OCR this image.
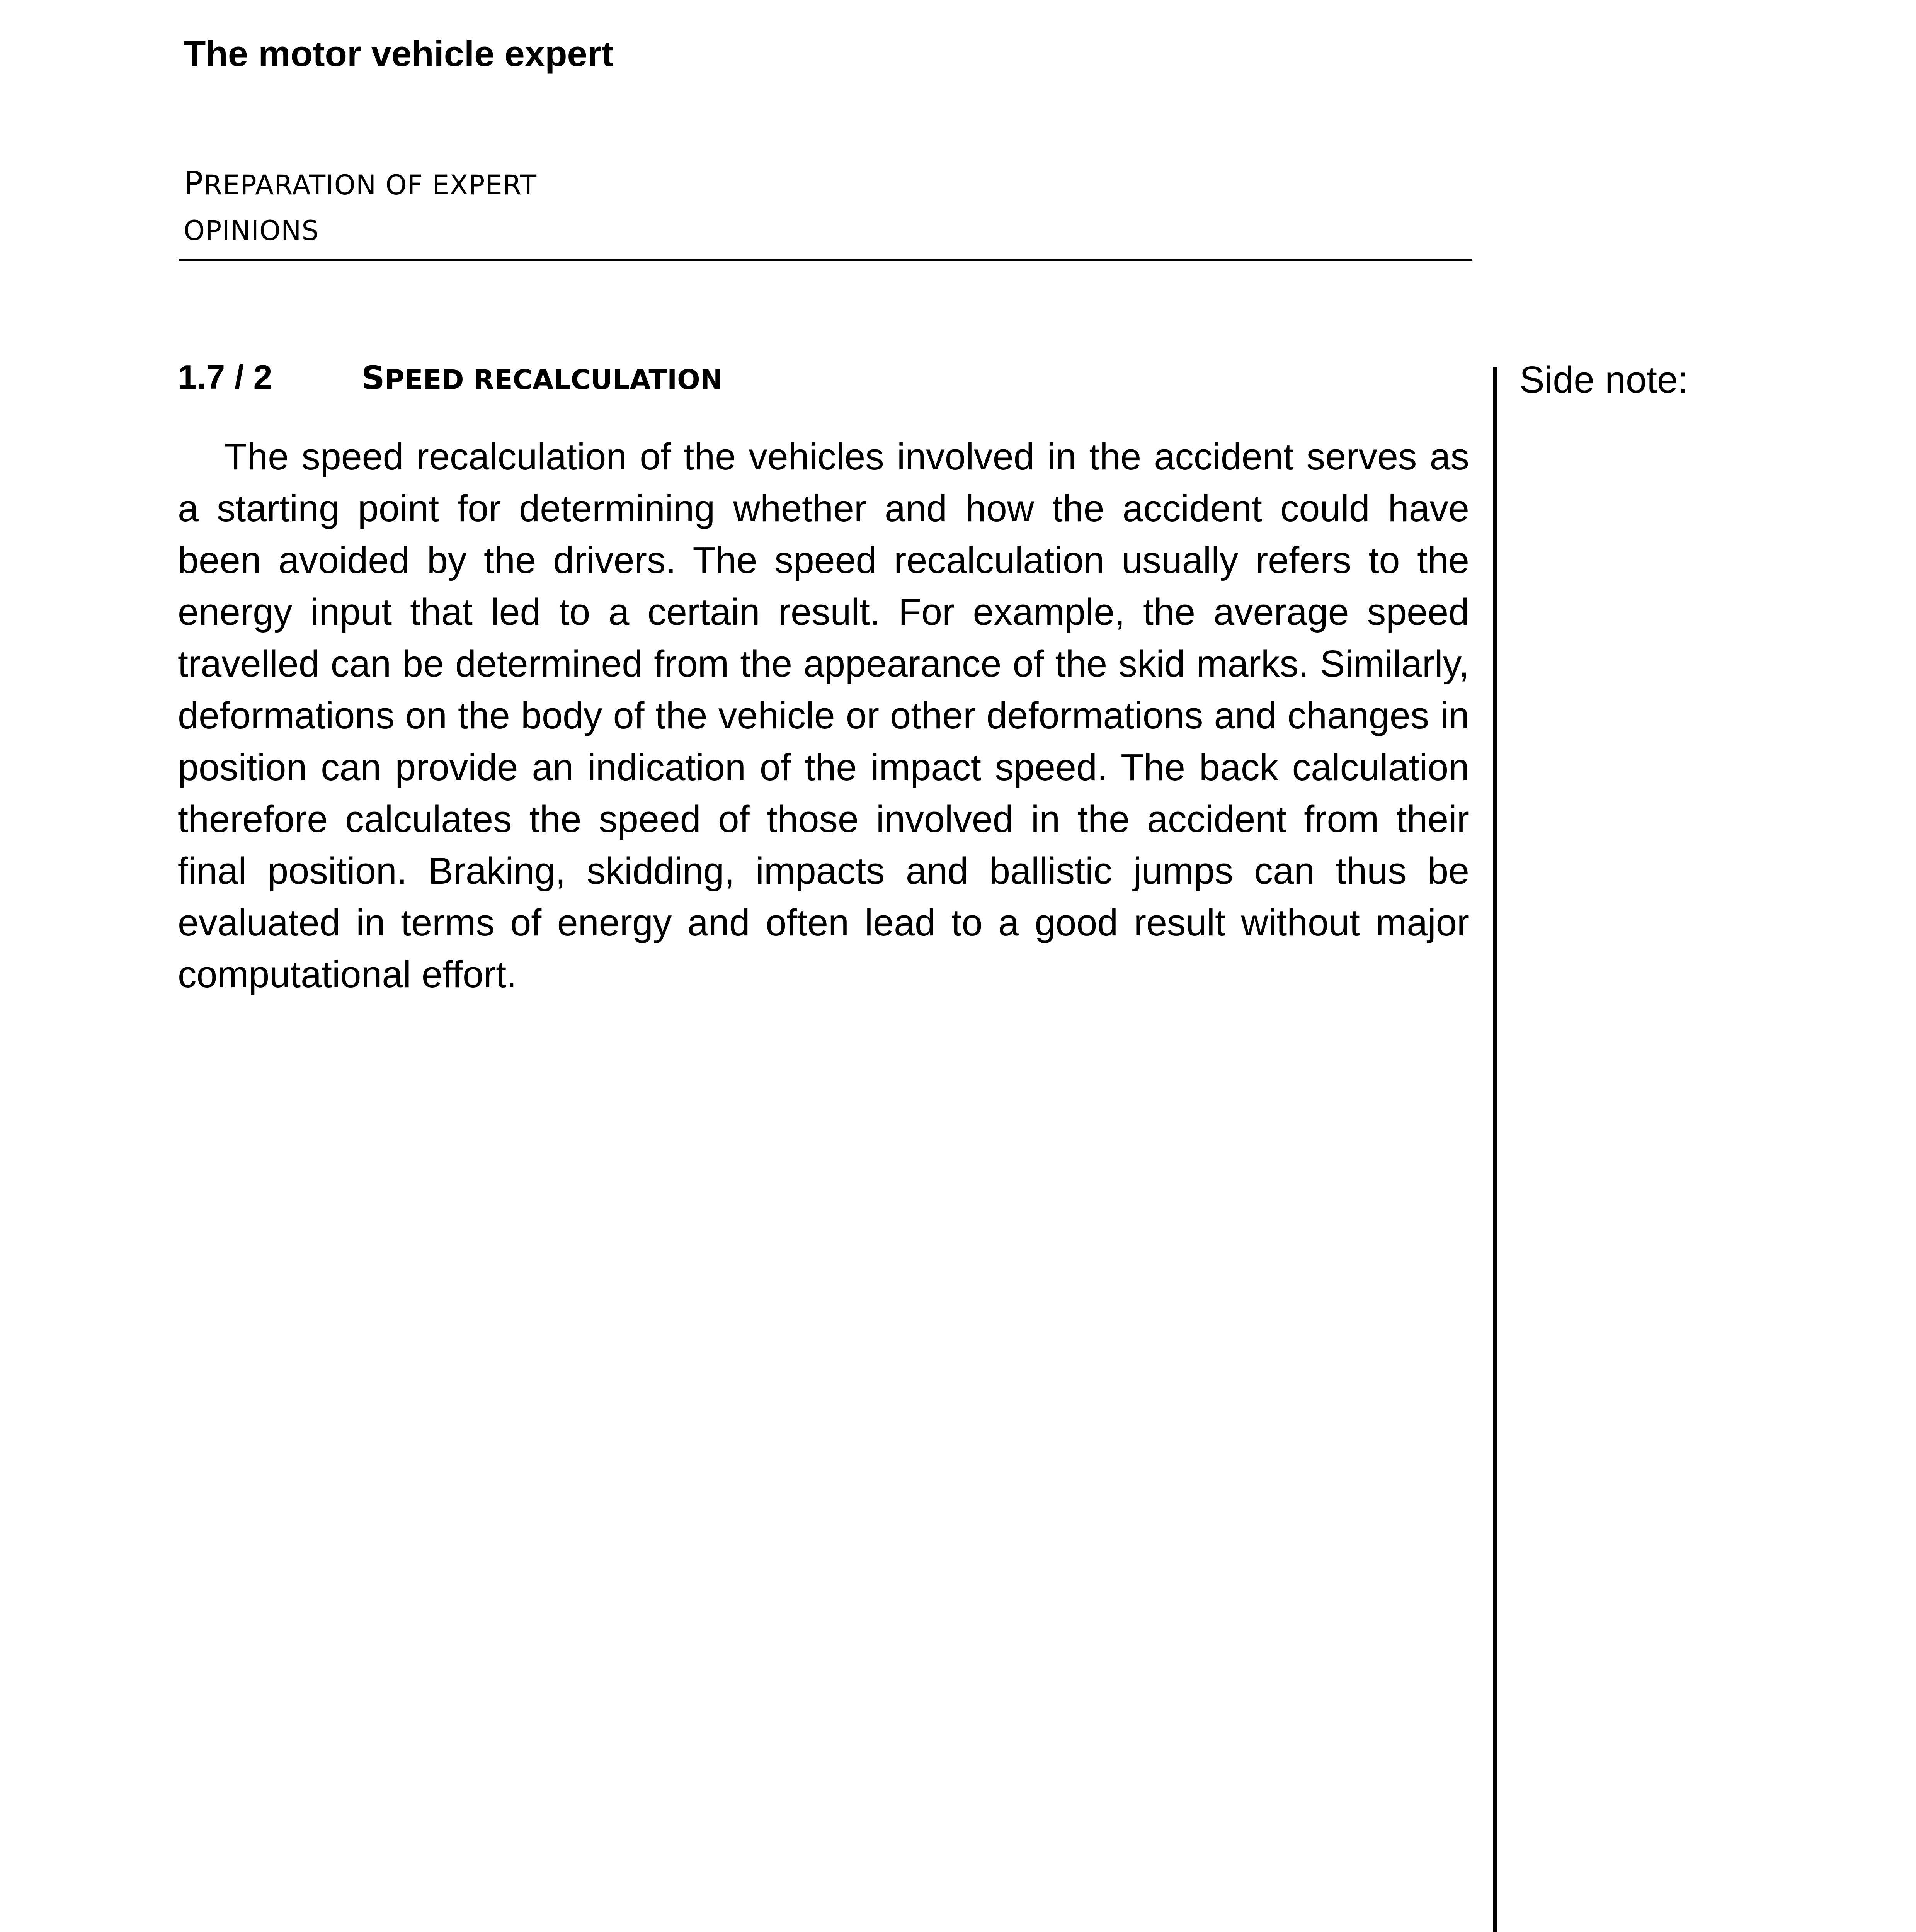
The motor vehicle expert
PREPARATION OF EXPERT
OPINIONS
1.7 / 2	SPEED RECALCULATION	Side note:

The speed recalculation of the vehicles involved in the accident serves as a starting point for determining whether and how the accident could have been avoided by the drivers. The speed recalculation usually refers to the energy input that led to a certain result. For example, the average speed travelled can be determined from the appearance of the skid marks. Similarly, deformations on the body of the vehicle or other deformations and changes in position can provide an indication of the impact speed. The back calculation therefore calculates the speed of those involved in the accident from their final position. Braking, skidding, impacts and ballistic jumps can thus be evaluated in terms of energy and often lead to a good result without major computational effort.
